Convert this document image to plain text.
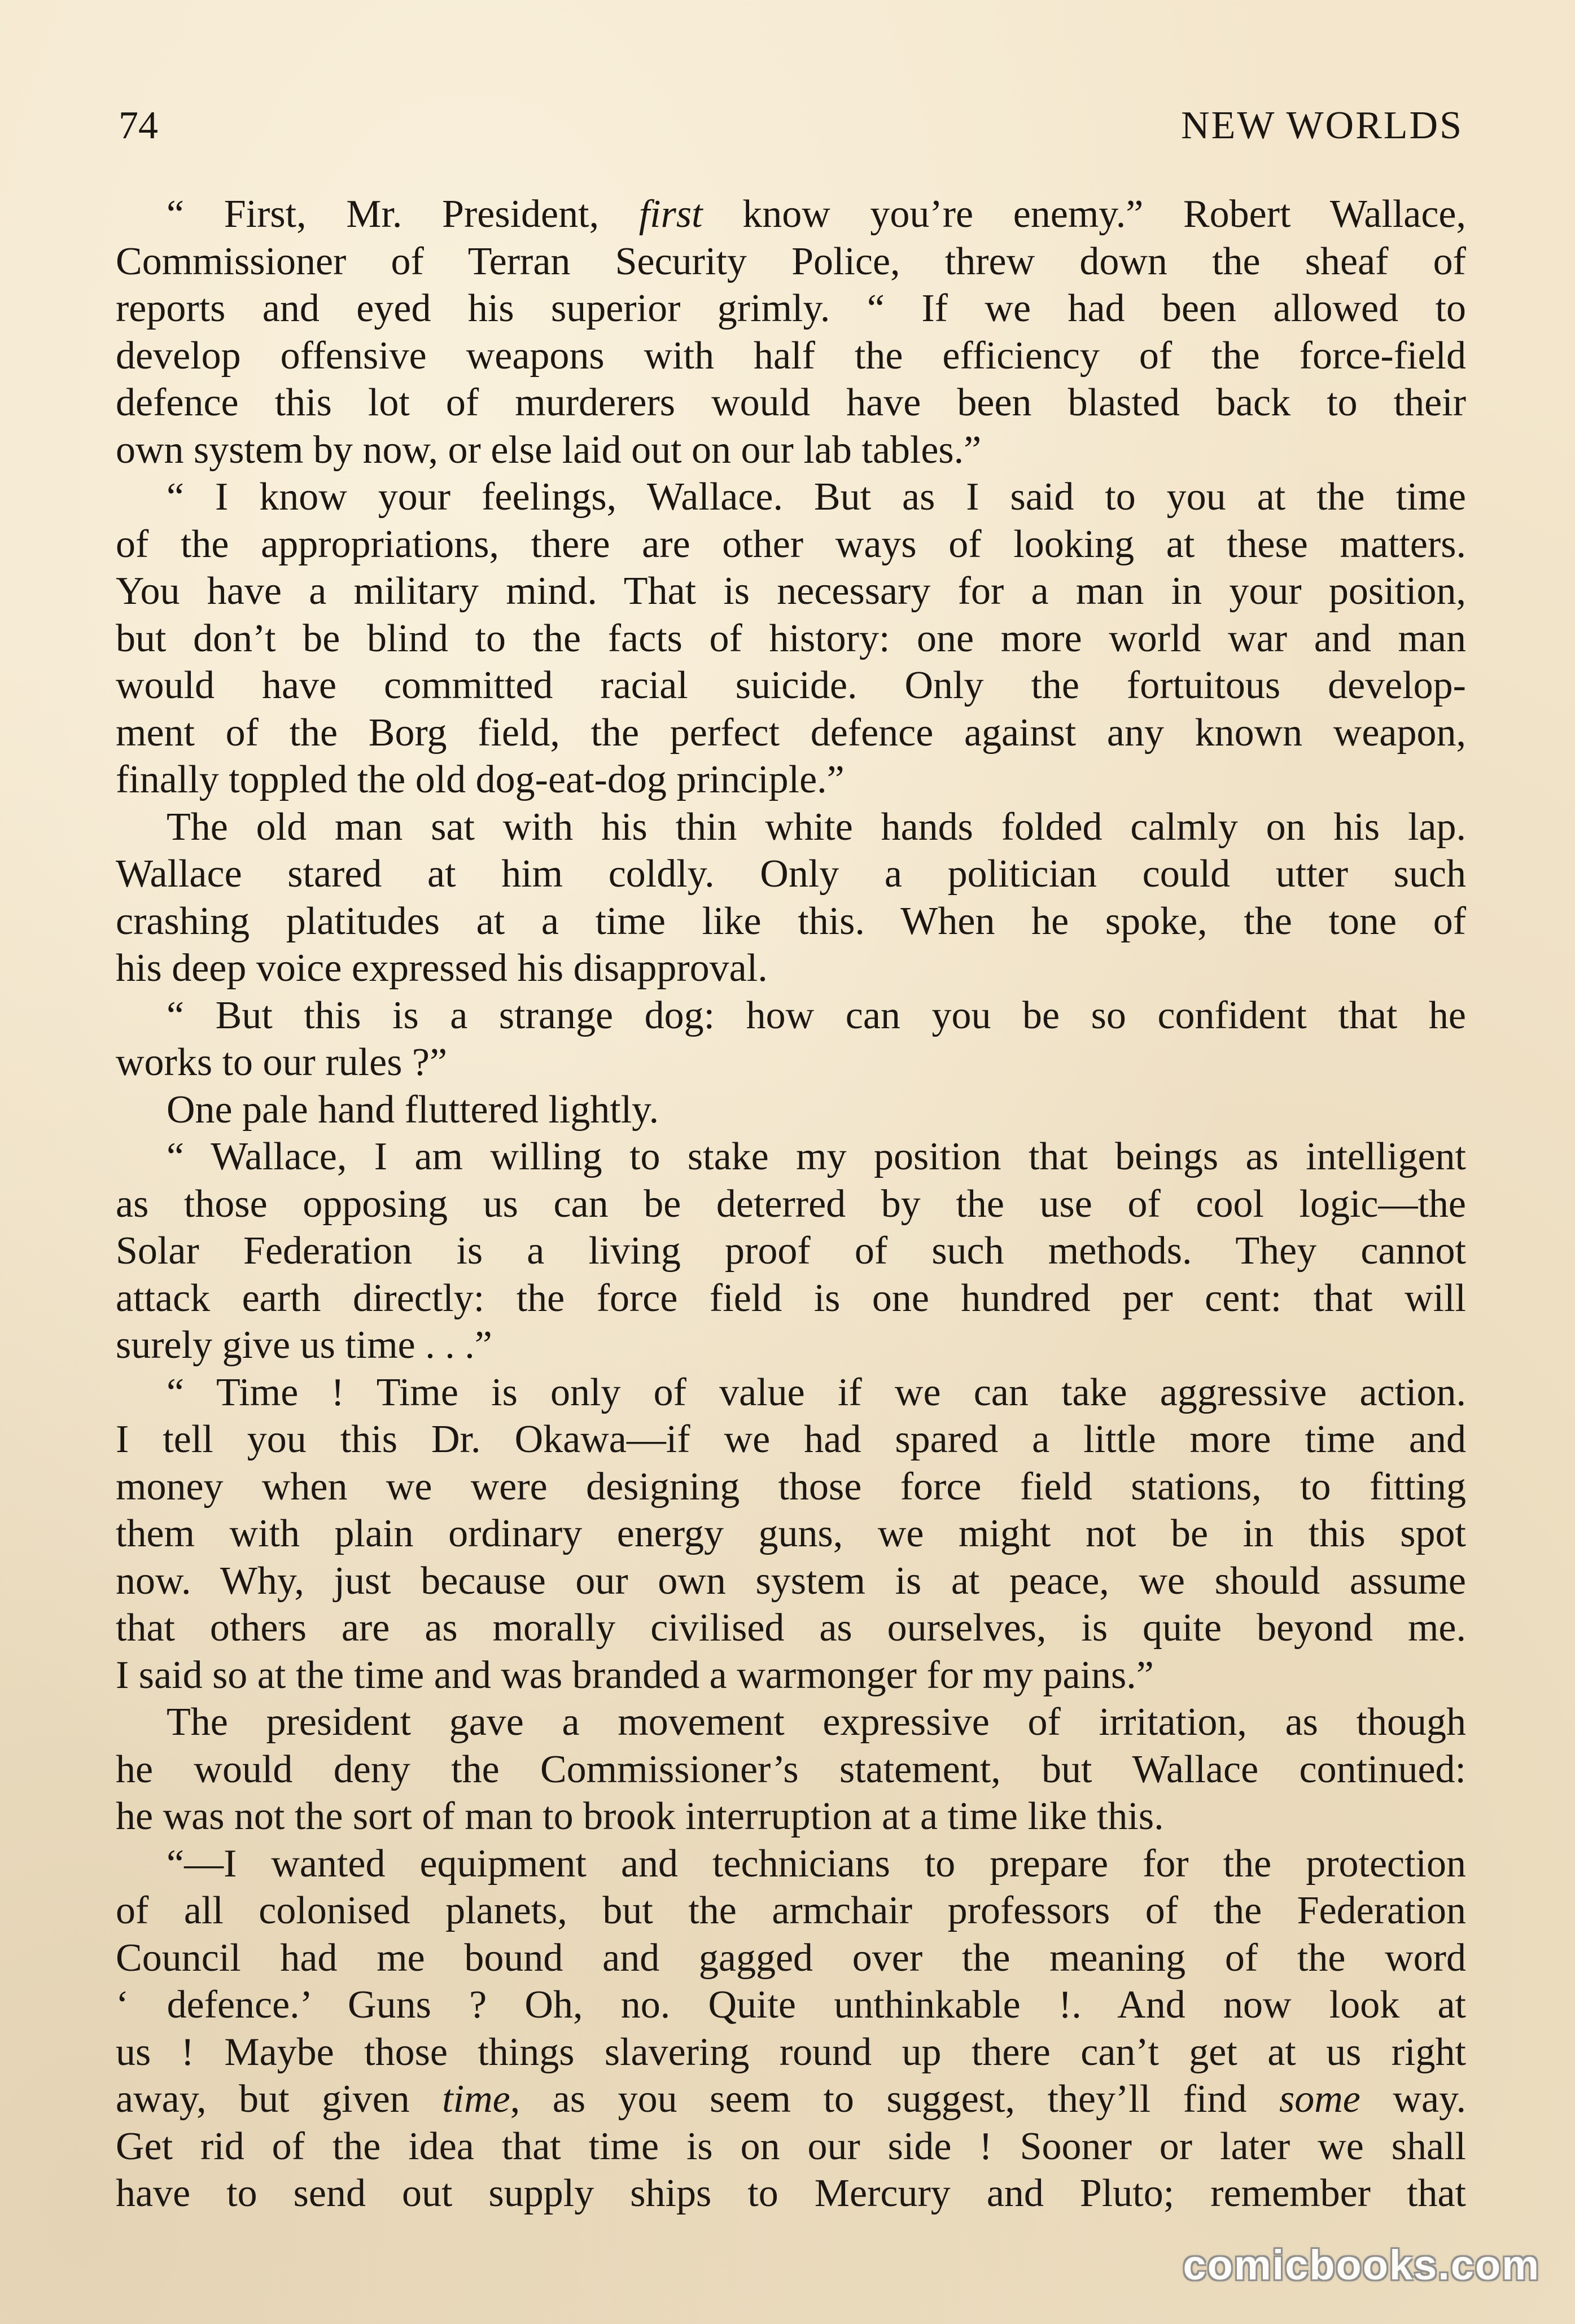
74	NEW WORLDS
“ First, Mr. President, first know you’re enemy.” Robert Wallace,
Commissioner of Terran Security Police, threw down the sheaf of
reports and eyed his superior grimly. “ If we had been allowed to
develop offensive weapons with half the efficiency of the force-field
defence this lot of murderers would have been blasted back to their
own system by now, or else laid out on our lab tables.”
“ I know your feelings, Wallace. But as I said to you at the time
of the appropriations, there are other ways of looking at these matters.
You have a military mind. That is necessary for a man in your position,
but don’t be blind to the facts of history: one more world war and man
would have committed racial suicide. Only the fortuitous develop-
ment of the Borg field, the perfect defence against any known weapon,
finally toppled the old dog-eat-dog principle.”
The old man sat with his thin white hands folded calmly on his lap.
Wallace stared at him coldly. Only a politician could utter such
crashing platitudes at a time like this. When he spoke, the tone of
his deep voice expressed his disapproval.
“ But this is a strange dog: how can you be so confident that he
works to our rules ?”
One pale hand fluttered lightly.
“ Wallace, I am willing to stake my position that beings as intelligent
as those opposing us can be deterred by the use of cool logic—the
Solar Federation is a living proof of such methods. They cannot
attack earth directly: the force field is one hundred per cent: that will
surely give us time . . .”
“ Time ! Time is only of value if we can take aggressive action.
I tell you this Dr. Okawa—if we had spared a little more time and
money when we were designing those force field stations, to fitting
them with plain ordinary energy guns, we might not be in this spot
now. Why, just because our own system is at peace, we should assume
that others are as morally civilised as ourselves, is quite beyond me.
I said so at the time and was branded a warmonger for my pains.”
The president gave a movement expressive of irritation, as though
he would deny the Commissioner’s statement, but Wallace continued:
he was not the sort of man to brook interruption at a time like this.
“—I wanted equipment and technicians to prepare for the protection
of all colonised planets, but the armchair professors of the Federation
Council had me bound and gagged over the meaning of the word
‘ defence.’ Guns ? Oh, no. Quite unthinkable !. And now look at
us ! Maybe those things slavering round up there can’t get at us right
away, but given time, as you seem to suggest, they’ll find some way.
Get rid of the idea that time is on our side ! Sooner or later we shall
have to send out supply ships to Mercury and Pluto; remember that
comicbooks.com
